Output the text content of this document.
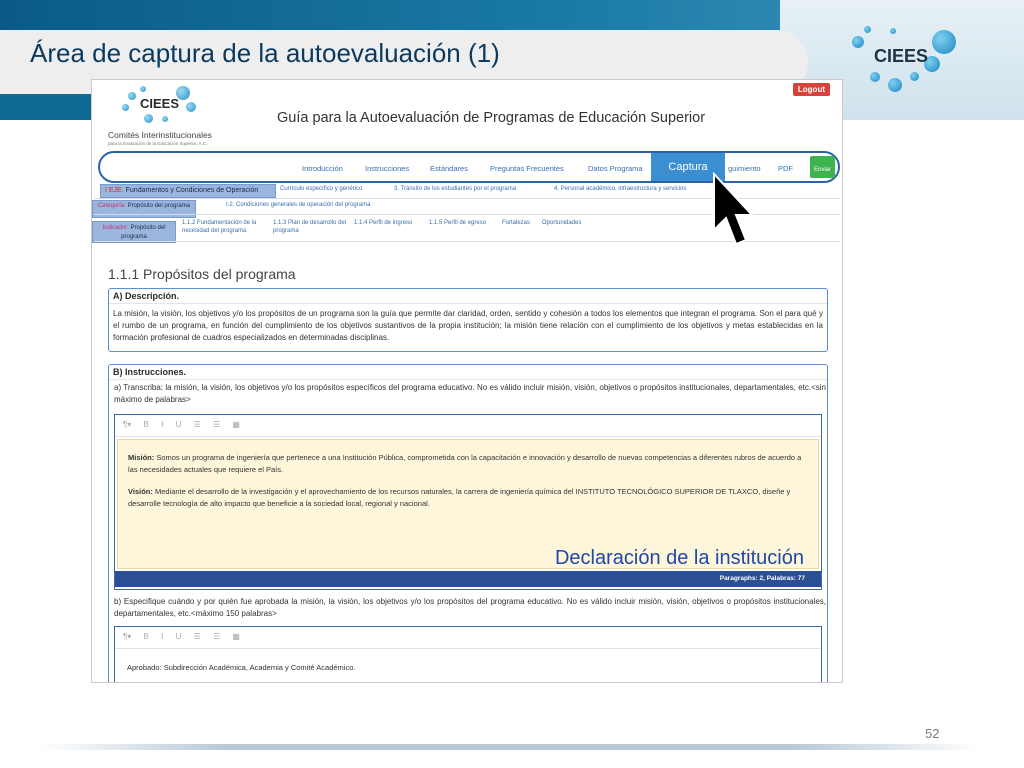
Área de captura de la autoevaluación (1)	CIEES
Logout
CIEES
Comités Interinstitucionales
para la Evaluación de la Educación Superior, A.C.
Guía para la Autoevaluación de Programas de Educación Superior
Introducción	Instrucciones	Estándares	Preguntas Frecuentes	Datos Programa	Captura	guimiento PDF	Enviar
I EJE. Fundamentos y Condiciones de Operación	Currículo específico y genérico	3. Tránsito de los estudiantes por el programa	4. Personal académico, infraestructura y servicios
Categoría: Propósito del programa	I.2. Condiciones generales de operación del programa
Indicador: Propósito del programa
1.1.2 Fundamentación de la necesidad del programa
1.1.3 Plan de desarrollo del programa
1.1.4 Perfil de ingreso	1.1.5 Perfil de egreso	Fortalezas Oportunidades
1.1.1 Propósitos del programa
A) Descripción.
La misión, la visión, los objetivos y/o los propósitos de un programa son la guía que permite dar claridad, orden, sentido y cohesión a todos los elementos que integran el programa. Son el para qué y el rumbo de un programa, en función del cumplimiento de los objetivos sustantivos de la propia institución; la misión tiene relación con el cumplimiento de los objetivos y metas establecidas en la formación profesional de cuadros especializados en determinadas disciplinas.
B) Instrucciones.
a) Transcriba: la misión, la visión, los objetivos y/o los propósitos específicos del programa educativo. No es válido incluir misión, visión, objetivos o propósitos institucionales, departamentales, etc.<sin máximo de palabras>
¶▾ B I U ☰ ☰ ▦
Misión: Somos un programa de ingeniería que pertenece a una Institución Pública, comprometida con la capacitación e innovación y desarrollo de nuevas competencias a diferentes rubros de acuerdo a las necesidades actuales que requiere el País.
Visión: Mediante el desarrollo de la investigación y el aprovechamiento de los recursos naturales, la carrera de ingeniería química del INSTITUTO TECNOLÓGICO SUPERIOR DE TLAXCO, diseñe y desarrolle tecnología de alto impacto que beneficie a la sociedad local, regional y nacional.
Declaración de la institución
Paragraphs: 2, Palabras: 77
b) Especifique cuándo y por quién fue aprobada la misión, la visión, los objetivos y/o los propósitos del programa educativo. No es válido incluir misión, visión, objetivos o propósitos institucionales, departamentales, etc.<máximo 150 palabras>
¶▾ B I U ☰ ☰ ▦
Aprobado: Subdirección Académica, Academia y Comité Académico.
52
